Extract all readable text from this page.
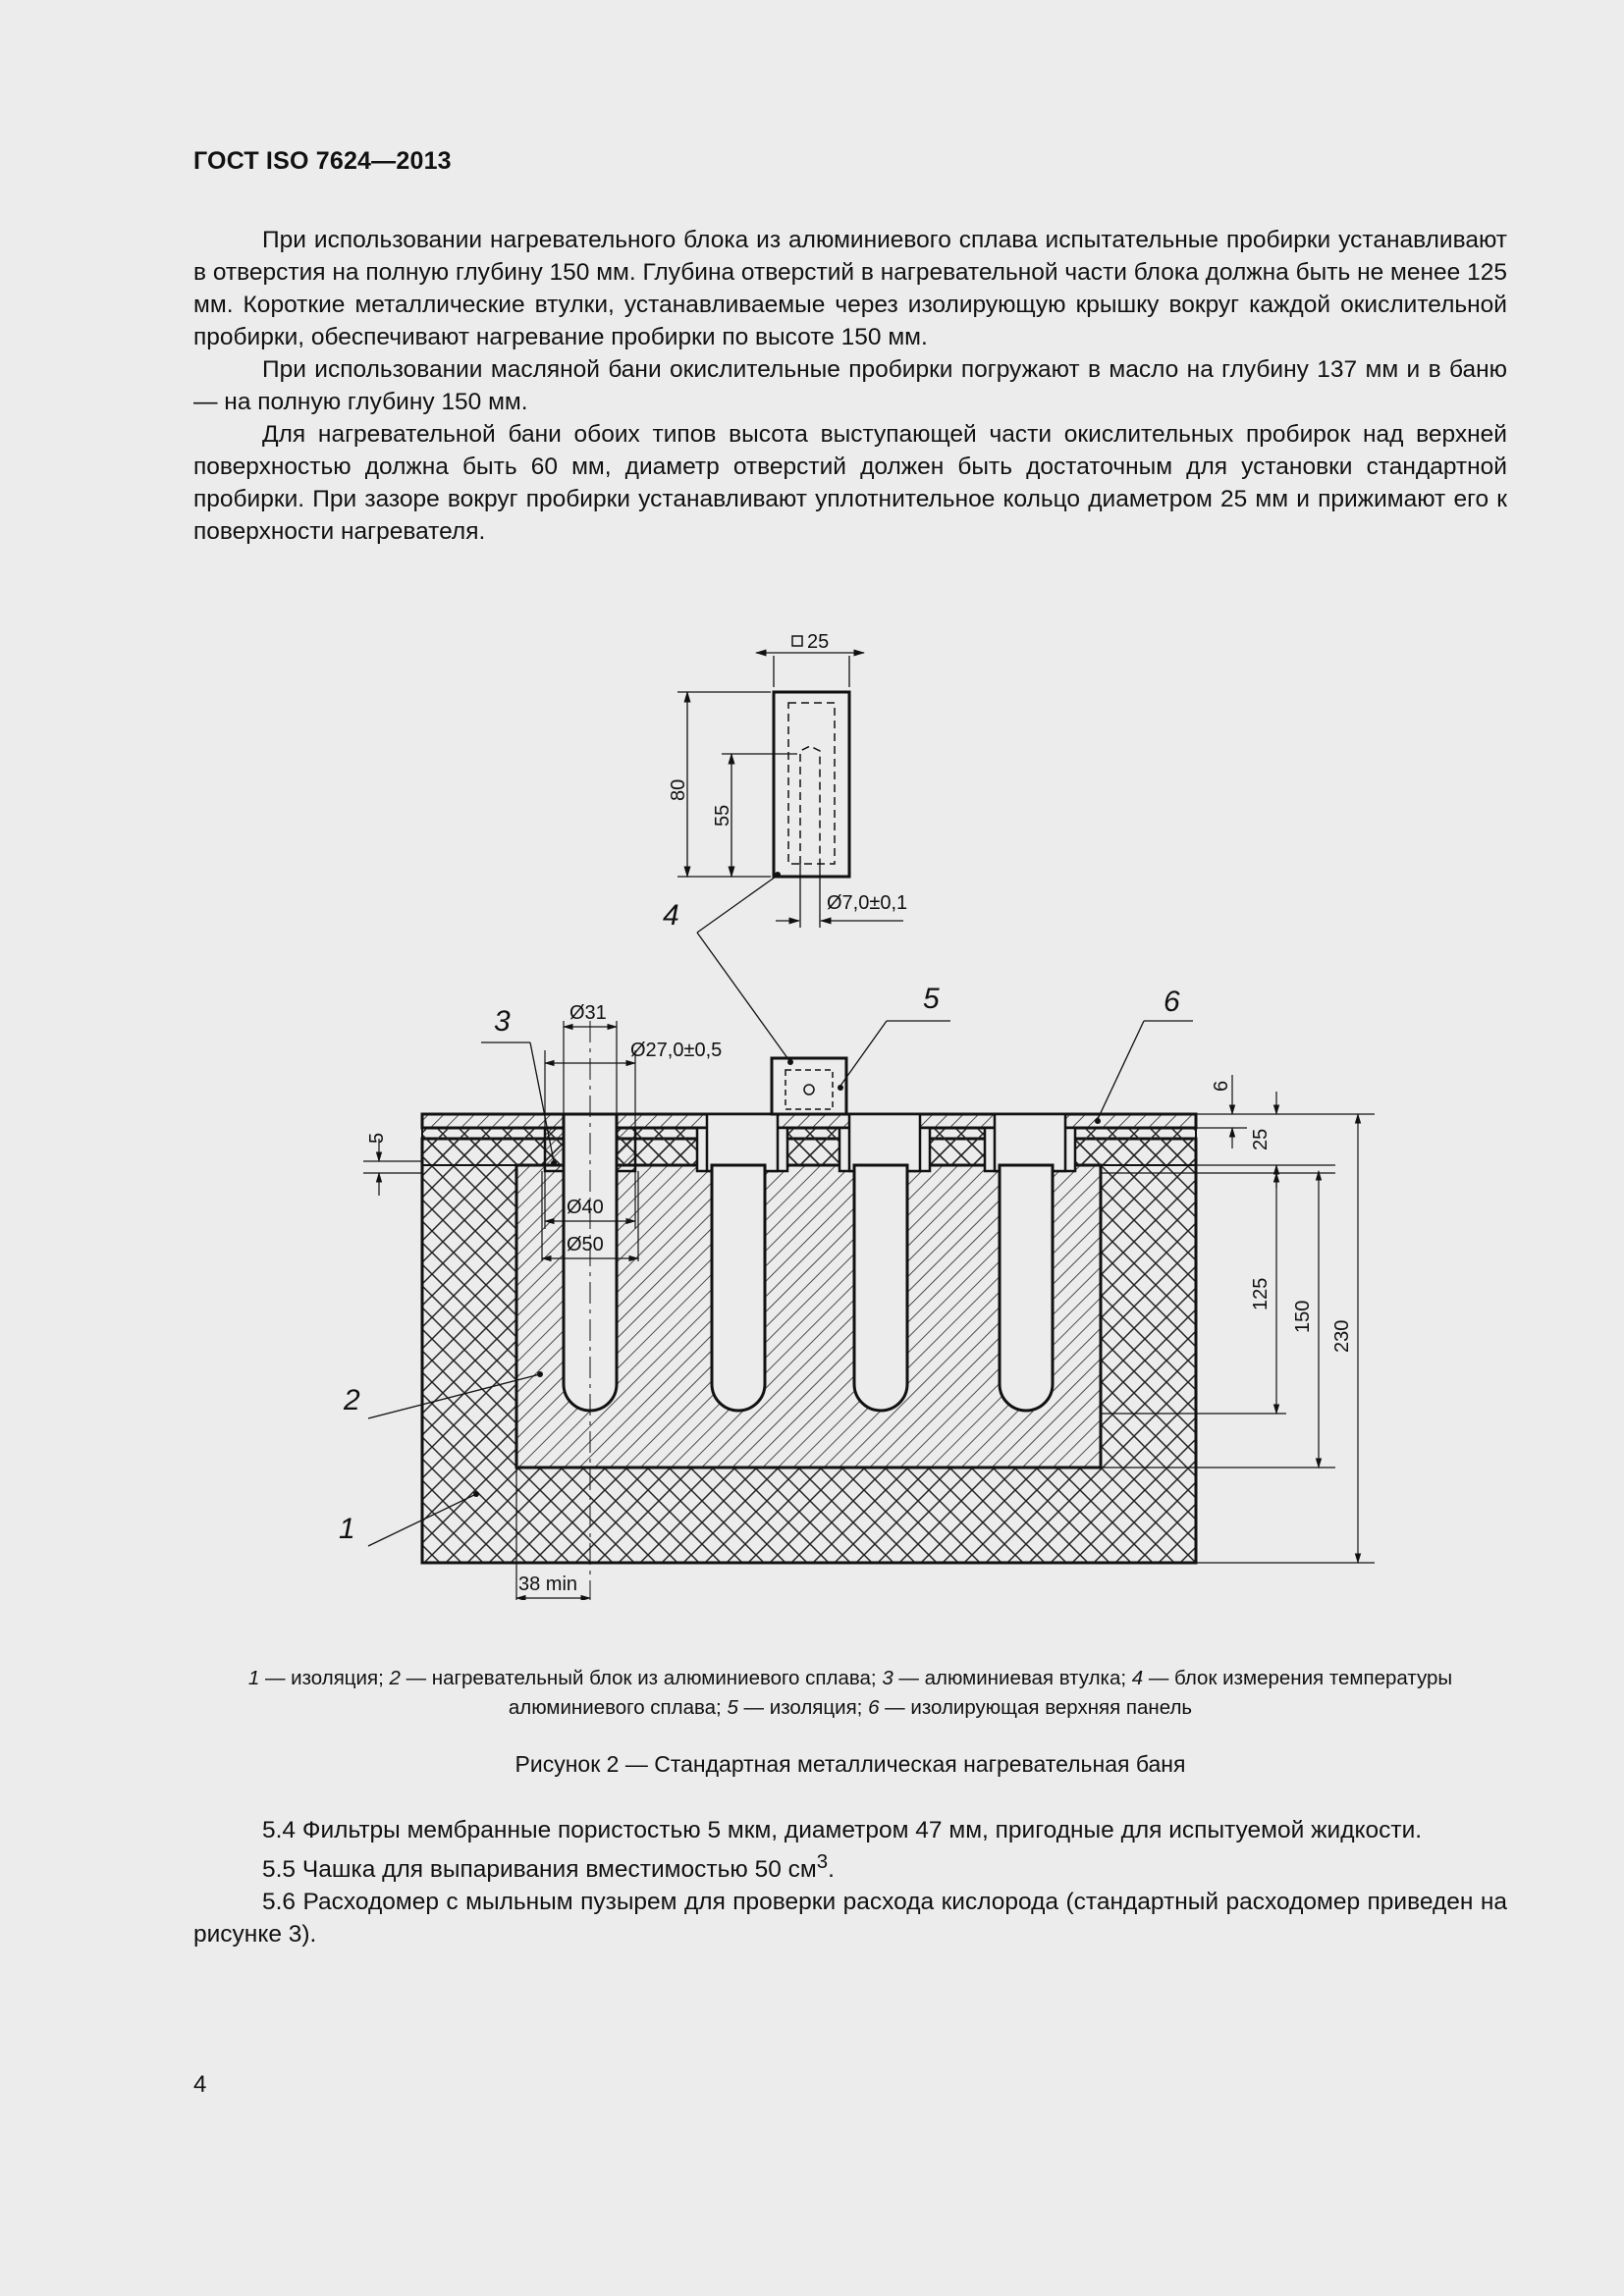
ГОСТ ISO 7624—2013

При использовании нагревательного блока из алюминиевого сплава испытательные пробирки устанавливают в отверстия на полную глубину 150 мм. Глубина отверстий в нагревательной части блока должна быть не менее 125 мм. Короткие металлические втулки, устанавливаемые через изолирующую крышку вокруг каждой окислительной пробирки, обеспечивают нагревание пробирки по высоте 150 мм.

При использовании масляной бани окислительные пробирки погружают в масло на глубину 137 мм и в баню — на полную глубину 150 мм.

Для нагревательной бани обоих типов высота выступающей части окислительных пробирок над верхней поверхностью должна быть 60 мм, диаметр отверстий должен быть достаточным для установки стандартной пробирки. При зазоре вокруг пробирки устанавливают уплотнительное кольцо диаметром 25 мм и прижимают его к поверхности нагревателя.

25
80
55
Ø7,0±0,1
4
5	6
3
2
1
Ø31
Ø27,0±0,5
Ø40
Ø50
5
6
25
125
150
230
38 min
1 — изоляция; 2 — нагревательный блок из алюминиевого сплава; 3 — алюминиевая втулка; 4 — блок измерения температуры
алюминиевого сплава; 5 — изоляция; 6 — изолирующая верхняя панель
Рисунок 2 — Стандартная металлическая нагревательная баня

5.4 Фильтры мембранные пористостью 5 мкм, диаметром 47 мм, пригодные для испытуемой жидкости.

5.5 Чашка для выпаривания вместимостью 50 $см^3$.

5.6 Расходомер с мыльным пузырем для проверки расхода кислорода (стандартный расходомер приведен на рисунке 3).

4
